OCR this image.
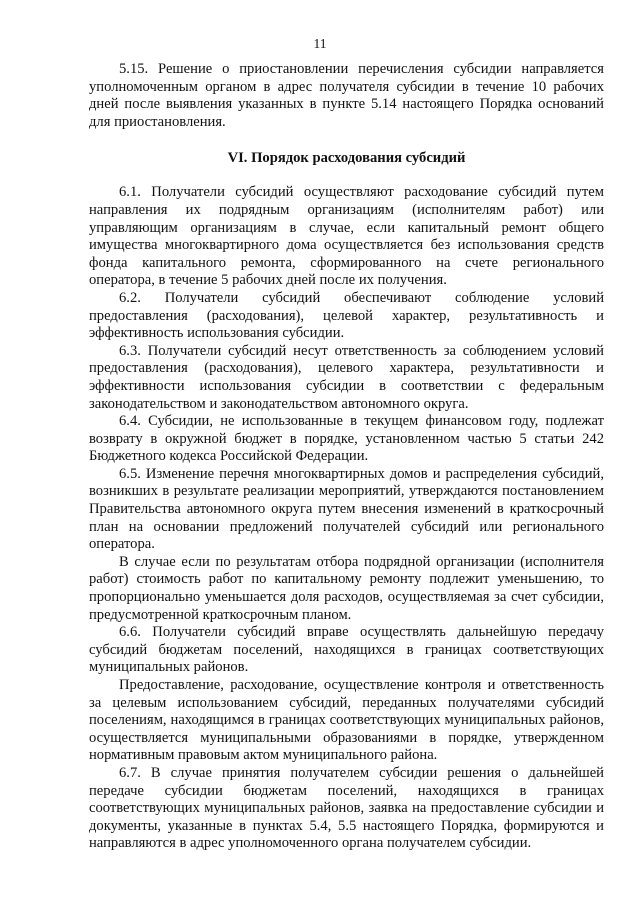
11

5.15. Решение о приостановлении перечисления субсидии направляется уполномоченным органом в адрес получателя субсидии в течение 10 рабочих дней после выявления указанных в пункте 5.14 настоящего Порядка оснований для приостановления.

VI. Порядок расходования субсидий

6.1. Получатели субсидий осуществляют расходование субсидий путем направления их подрядным организациям (исполнителям работ) или управляющим организациям в случае, если капитальный ремонт общего имущества многоквартирного дома осуществляется без использования средств фонда капитального ремонта, сформированного на счете регионального оператора, в течение 5 рабочих дней после их получения.

6.2. Получатели субсидий обеспечивают соблюдение условий предоставления (расходования), целевой характер, результативность и эффективность использования субсидии.

6.3. Получатели субсидий несут ответственность за соблюдением условий предоставления (расходования), целевого характера, результативности и эффективности использования субсидии в соответствии с федеральным законодательством и законодательством автономного округа.

6.4. Субсидии, не использованные в текущем финансовом году, подлежат возврату в окружной бюджет в порядке, установленном частью 5 статьи 242 Бюджетного кодекса Российской Федерации.

6.5. Изменение перечня многоквартирных домов и распределения субсидий, возникших в результате реализации мероприятий, утверждаются постановлением Правительства автономного округа путем внесения изменений в краткосрочный план на основании предложений получателей субсидий или регионального оператора.

В случае если по результатам отбора подрядной организации (исполнителя работ) стоимость работ по капитальному ремонту подлежит уменьшению, то пропорционально уменьшается доля расходов, осуществляемая за счет субсидии, предусмотренной краткосрочным планом.

6.6. Получатели субсидий вправе осуществлять дальнейшую передачу субсидий бюджетам поселений, находящихся в границах соответствующих муниципальных районов.

Предоставление, расходование, осуществление контроля и ответственность за целевым использованием субсидий, переданных получателями субсидий поселениям, находящимся в границах соответствующих муниципальных районов, осуществляется муниципальными образованиями в порядке, утвержденном нормативным правовым актом муниципального района.

6.7. В случае принятия получателем субсидии решения о дальнейшей передаче субсидии бюджетам поселений, находящихся в границах соответствующих муниципальных районов, заявка на предоставление субсидии и документы, указанные в пунктах 5.4, 5.5 настоящего Порядка, формируются и направляются в адрес уполномоченного органа получателем субсидии.
